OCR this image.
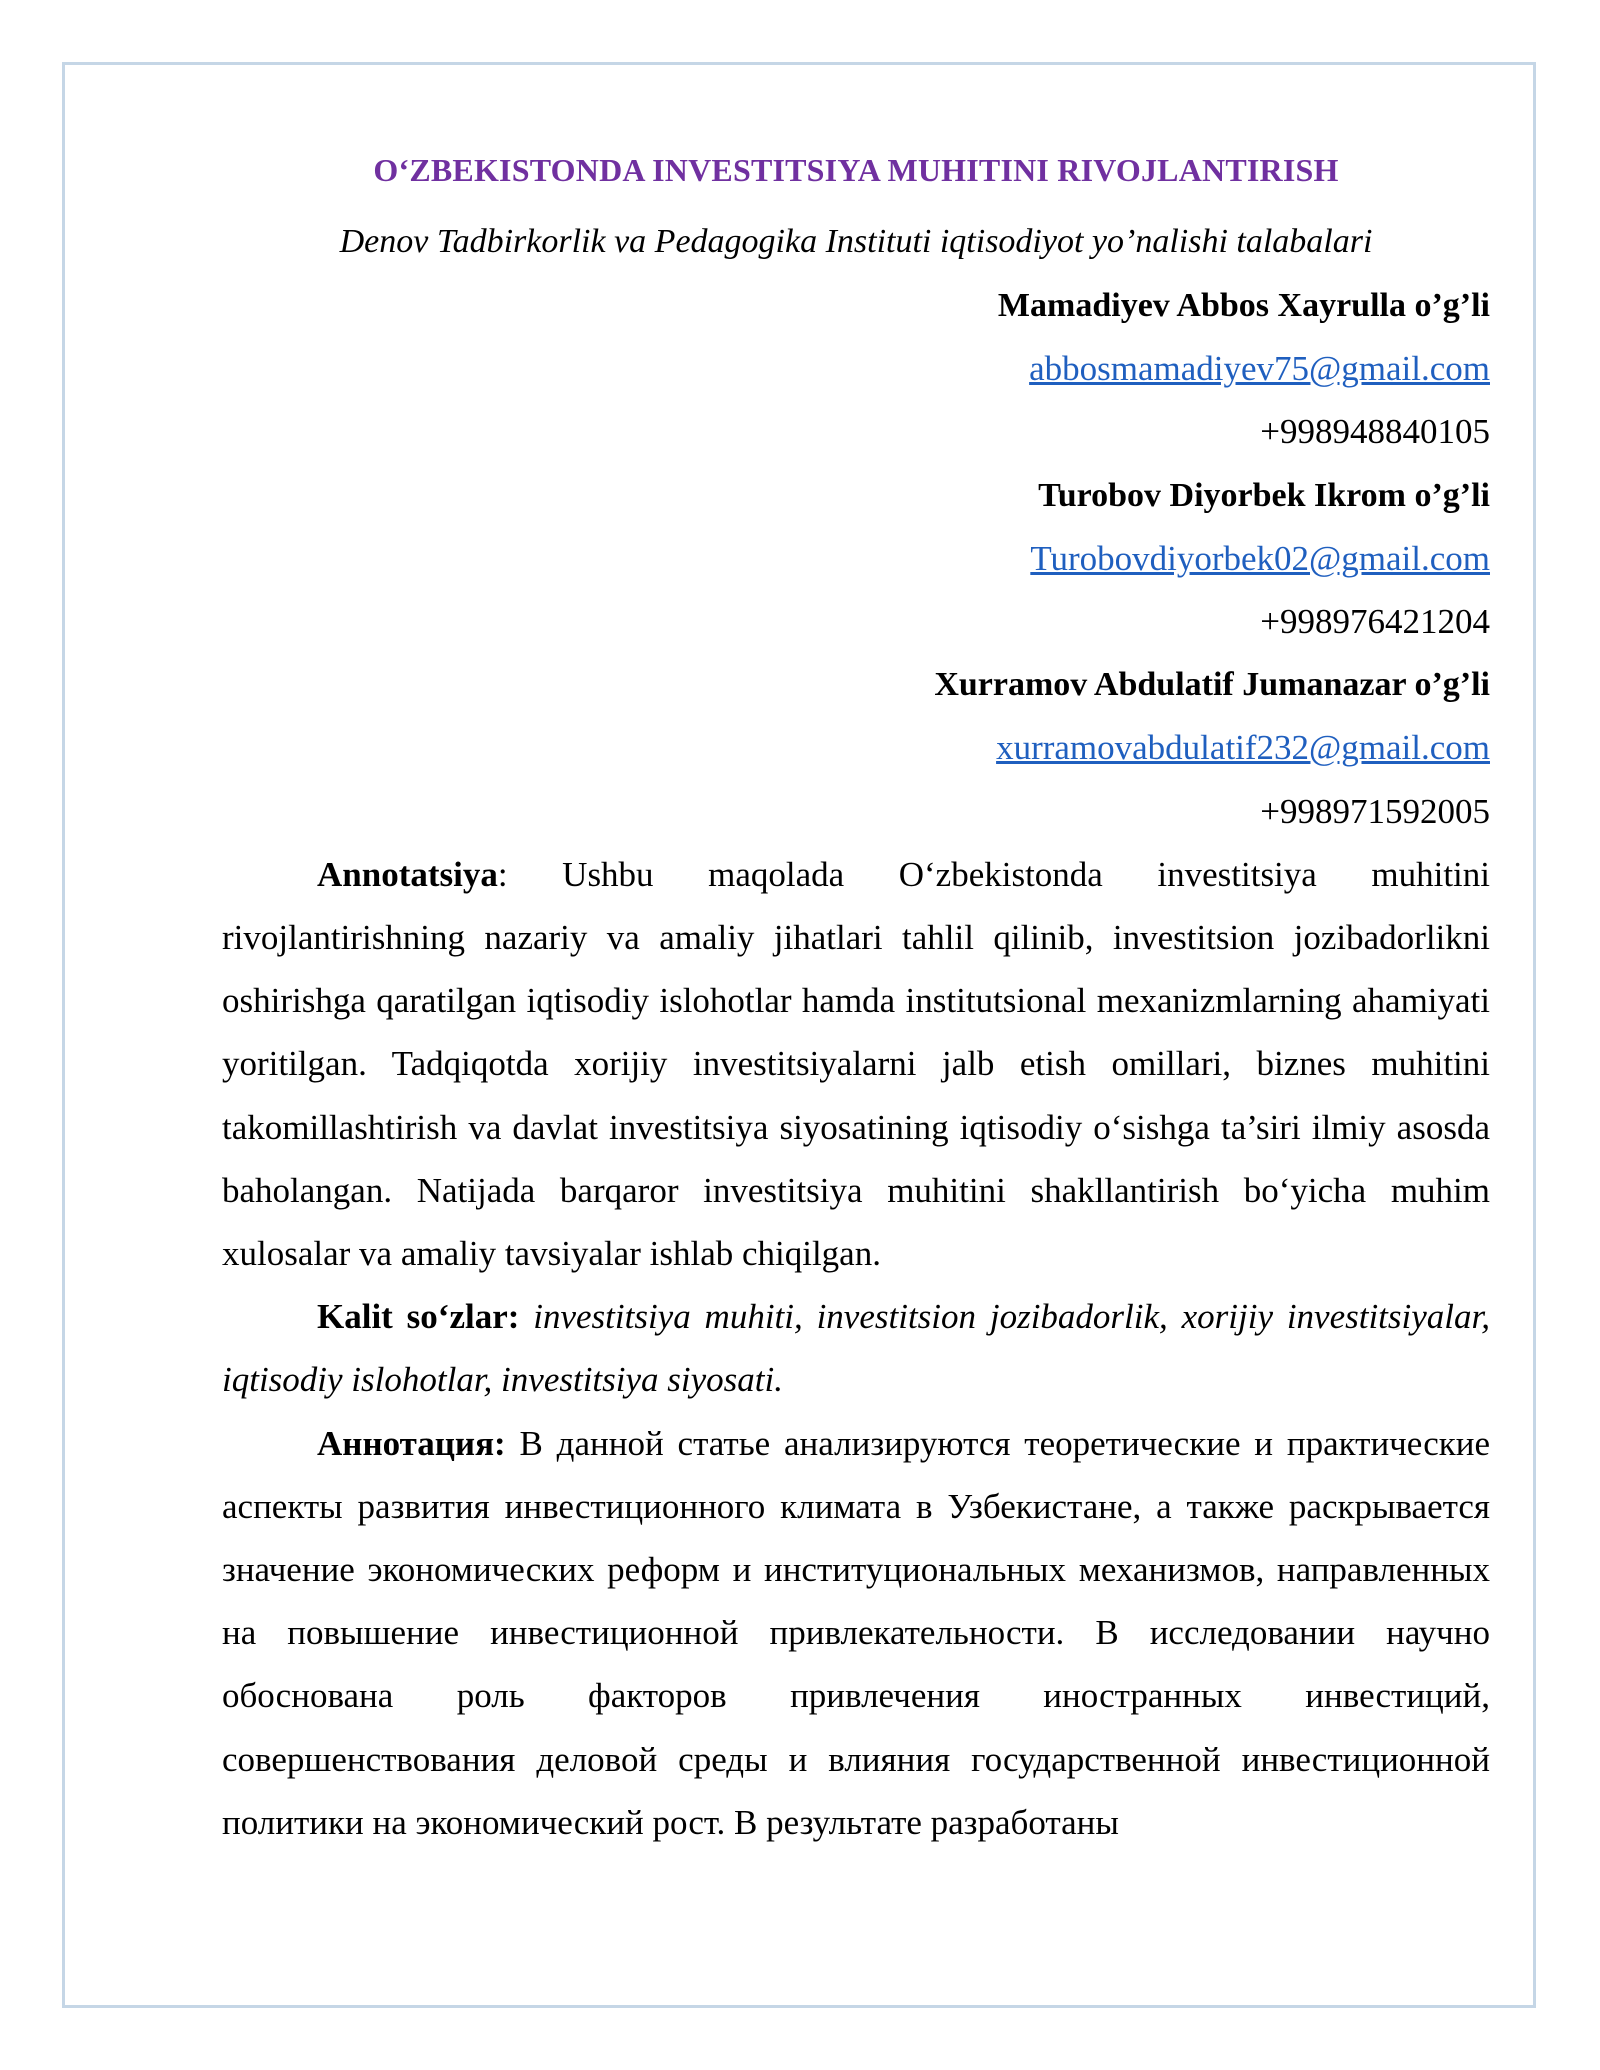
O‘ZBEKISTONDA INVESTITSIYA MUHITINI RIVOJLANTIRISH

Denov Tadbirkorlik va Pedagogika Instituti iqtisodiyot yo’nalishi talabalari

Mamadiyev Abbos Xayrulla o’g’li
abbosmamadiyev75@gmail.com
+998948840105
Turobov Diyorbek Ikrom o’g’li
Turobovdiyorbek02@gmail.com
+998976421204
Xurramov Abdulatif Jumanazar o’g’li
xurramovabdulatif232@gmail.com
+998971592005

Annotatsiya: Ushbu maqolada O‘zbekistonda investitsiya muhitini rivojlantirishning nazariy va amaliy jihatlari tahlil qilinib, investitsion jozibadorlikni oshirishga qaratilgan iqtisodiy islohotlar hamda institutsional mexanizmlarning ahamiyati yoritilgan. Tadqiqotda xorijiy investitsiyalarni jalb etish omillari, biznes muhitini takomillashtirish va davlat investitsiya siyosatining iqtisodiy o‘sishga ta’siri ilmiy asosda baholangan. Natijada barqaror investitsiya muhitini shakllantirish bo‘yicha muhim xulosalar va amaliy tavsiyalar ishlab chiqilgan.

Kalit so‘zlar: investitsiya muhiti, investitsion jozibadorlik, xorijiy investitsiyalar, iqtisodiy islohotlar, investitsiya siyosati.

Аннотация: В данной статье анализируются теоретические и практические аспекты развития инвестиционного климата в Узбекистане, а также раскрывается значение экономических реформ и институциональных механизмов, направленных на повышение инвестиционной привлекательности. В исследовании научно обоснована роль факторов привлечения иностранных инвестиций, совершенствования деловой среды и влияния государственной инвестиционной политики на экономический рост. В результате разработаны
